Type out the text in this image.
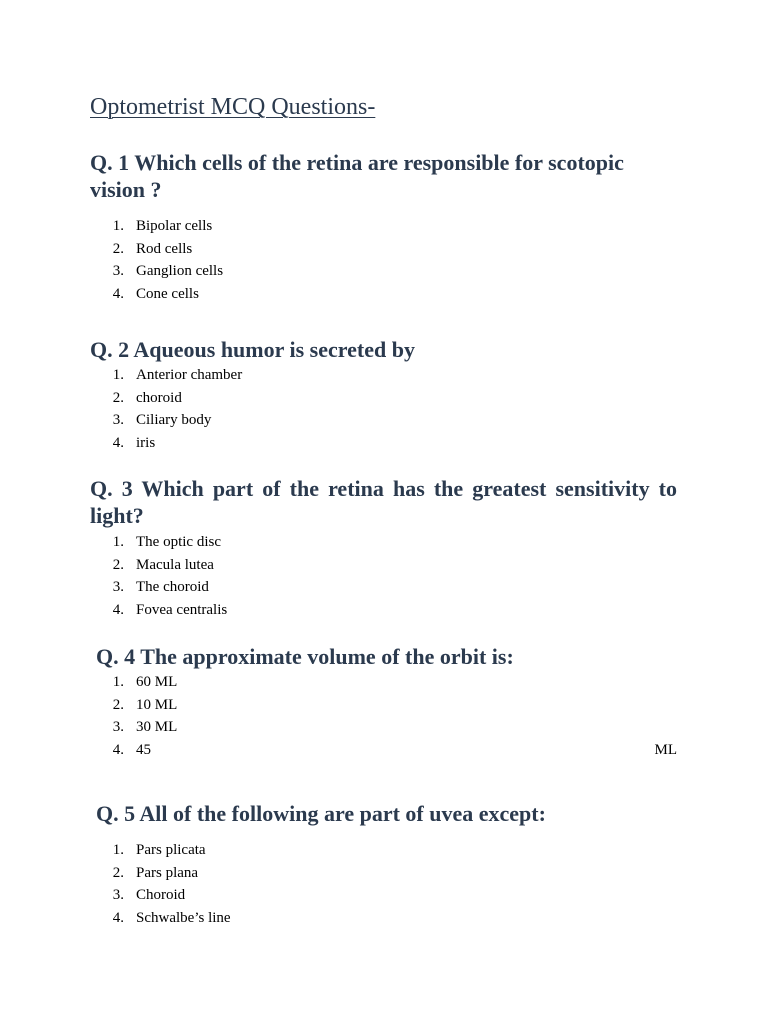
Optometrist MCQ Questions-
Q. 1 Which cells of the retina are responsible for scotopic vision ?
1. Bipolar cells
2. Rod cells
3. Ganglion cells
4. Cone cells
Q. 2 Aqueous humor is secreted by
1. Anterior chamber
2. choroid
3. Ciliary body
4. iris
Q. 3 Which part of the retina has the greatest sensitivity to light?
1. The optic disc
2. Macula lutea
3. The choroid
4. Fovea centralis
Q. 4 The approximate volume of the orbit is:
1. 60 ML
2. 10 ML
3. 30 ML
4. 45	ML
Q. 5 All of the following are part of uvea except:
1. Pars plicata
2. Pars plana
3. Choroid
4. Schwalbe’s line
